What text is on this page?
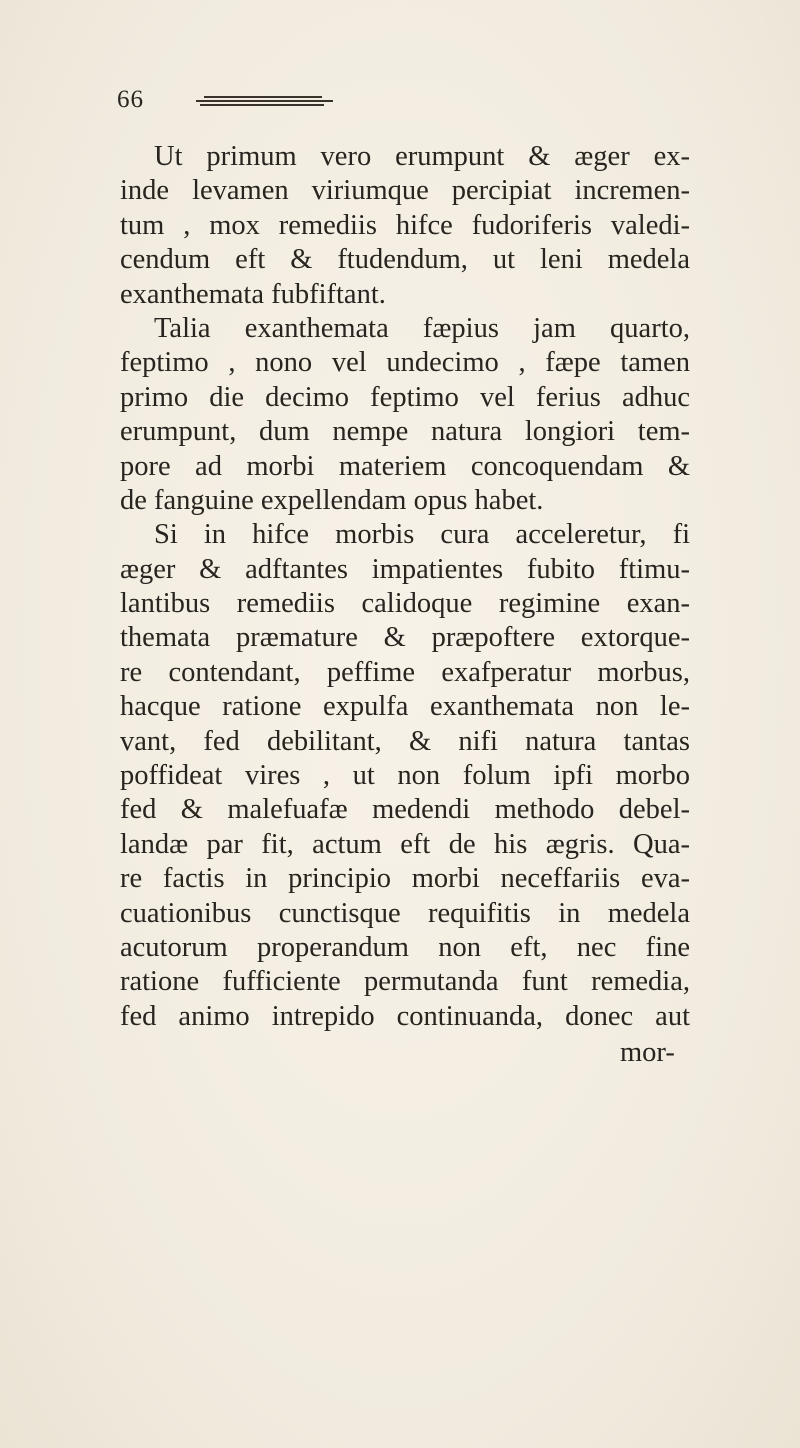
66
Ut primum vero erumpunt & æger ex-
inde levamen viriumque percipiat incremen-
tum , mox remediis hifce fudoriferis valedi-
cendum eft & ftudendum, ut leni medela
exanthemata fubfiftant.
Talia exanthemata fæpius jam quarto,
feptimo , nono vel undecimo , fæpe tamen
primo die decimo feptimo vel ferius adhuc
erumpunt, dum nempe natura longiori tem-
pore ad morbi materiem concoquendam &
de fanguine expellendam opus habet.
Si in hifce morbis cura acceleretur, fi
æger & adftantes impatientes fubito ftimu-
lantibus remediis calidoque regimine exan-
themata præmature & præpoftere extorque-
re contendant, peffime exafperatur morbus,
hacque ratione expulfa exanthemata non le-
vant, fed debilitant, & nifi natura tantas
poffideat vires , ut non folum ipfi morbo
fed & malefuafæ medendi methodo debel-
landæ par fit, actum eft de his ægris. Qua-
re factis in principio morbi neceffariis eva-
cuationibus cunctisque requifitis in medela
acutorum properandum non eft, nec fine
ratione fufficiente permutanda funt remedia,
fed animo intrepido continuanda, donec aut
mor-
